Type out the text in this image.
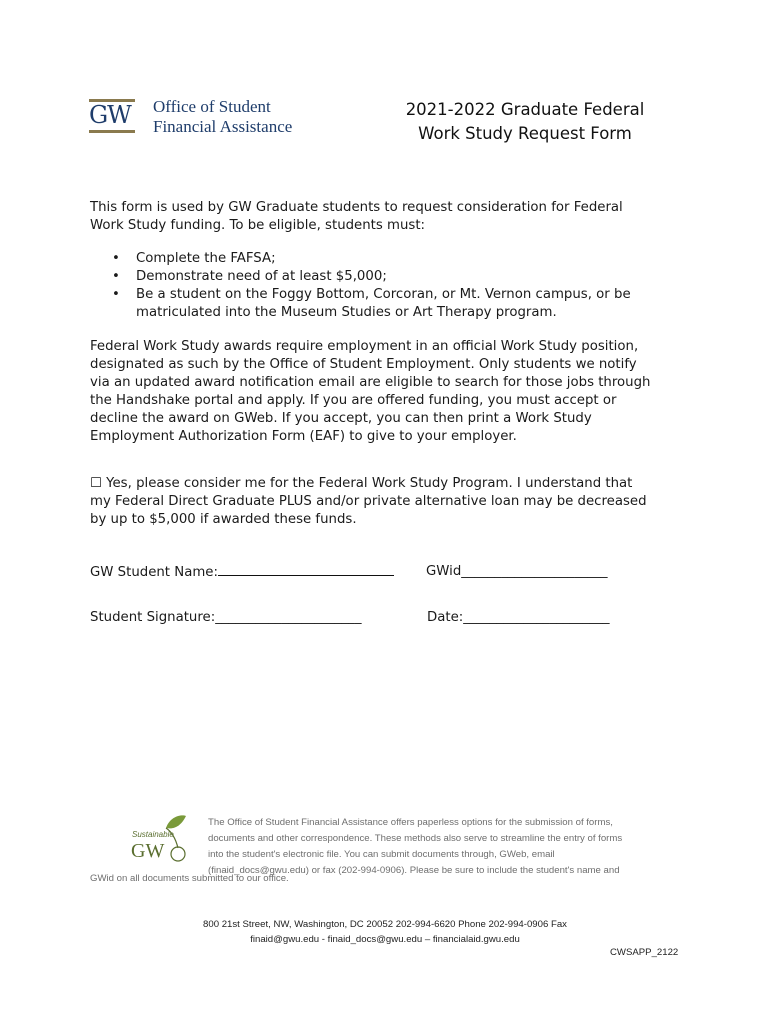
GW Office of Student
Financial Assistance
2021-2022 Graduate Federal
Work Study Request Form
This form is used by GW Graduate students to request consideration for Federal
Work Study funding. To be eligible, students must:
• Complete the FAFSA;
• Demonstrate need of at least $5,000;
• Be a student on the Foggy Bottom, Corcoran, or Mt. Vernon campus, or be
matriculated into the Museum Studies or Art Therapy program.
Federal Work Study awards require employment in an official Work Study position,
designated as such by the Office of Student Employment. Only students we notify
via an updated award notification email are eligible to search for those jobs through
the Handshake portal and apply. If you are offered funding, you must accept or
decline the award on GWeb. If you accept, you can then print a Work Study
Employment Authorization Form (EAF) to give to your employer.
☐ Yes, please consider me for the Federal Work Study Program. I understand that
my Federal Direct Graduate PLUS and/or private alternative loan may be decreased
by up to $5,000 if awarded these funds.
GW Student Name:	GWid______________________
Student Signature:______________________	Date:______________________
Sustainable
GW
The Office of Student Financial Assistance offers paperless options for the submission of forms,
documents and other correspondence. These methods also serve to streamline the entry of forms
into the student's electronic file. You can submit documents through, GWeb, email
(finaid_docs@gwu.edu) or fax (202-994-0906). Please be sure to include the student's name and
GWid on all documents submitted to our office.
800 21st Street, NW, Washington, DC 20052 202-994-6620 Phone 202-994-0906 Fax
finaid@gwu.edu - finaid_docs@gwu.edu – financialaid.gwu.edu
CWSAPP_2122
